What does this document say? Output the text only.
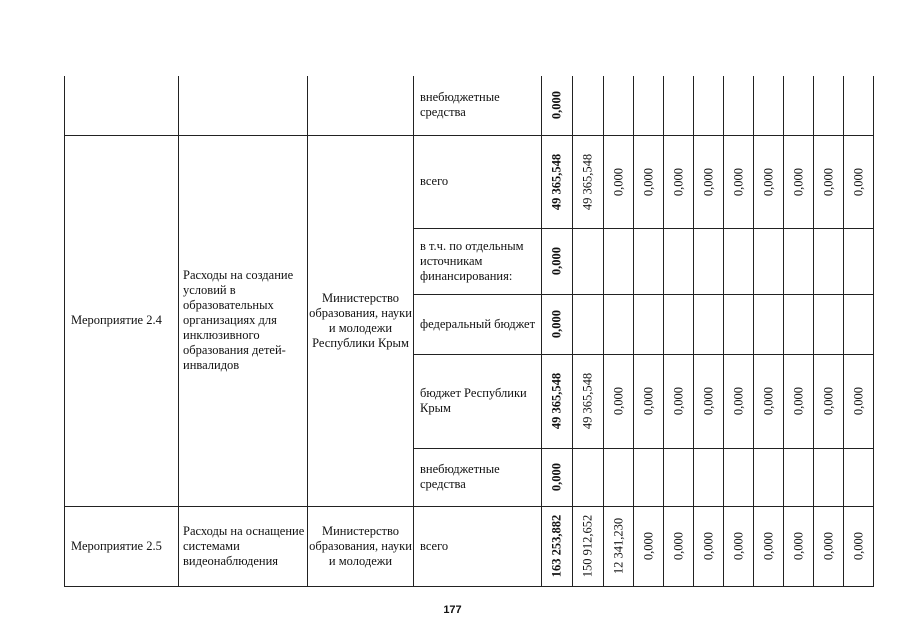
			внебюджетные средства	0,000										

Мероприятие 2.4	Расходы на создание условий в образовательных организациях для инклюзивного образования детей-инвалидов	Министерство образования, науки и молодежи Республики Крым	всего	49 365,548	49 365,548	0,000	0,000	0,000	0,000	0,000	0,000	0,000	0,000	0,000

			в т.ч. по отдельным источникам финансирования:	0,000										

			федеральный бюджет	0,000										

			бюджет Республики Крым	49 365,548	49 365,548	0,000	0,000	0,000	0,000	0,000	0,000	0,000	0,000	0,000

			внебюджетные средства	0,000										

Мероприятие 2.5	Расходы на оснащение системами видеонаблюдения	Министерство образования, науки и молодежи	всего	163 253,882	150 912,652	12 341,230	0,000	0,000	0,000	0,000	0,000	0,000	0,000	0,000
177
